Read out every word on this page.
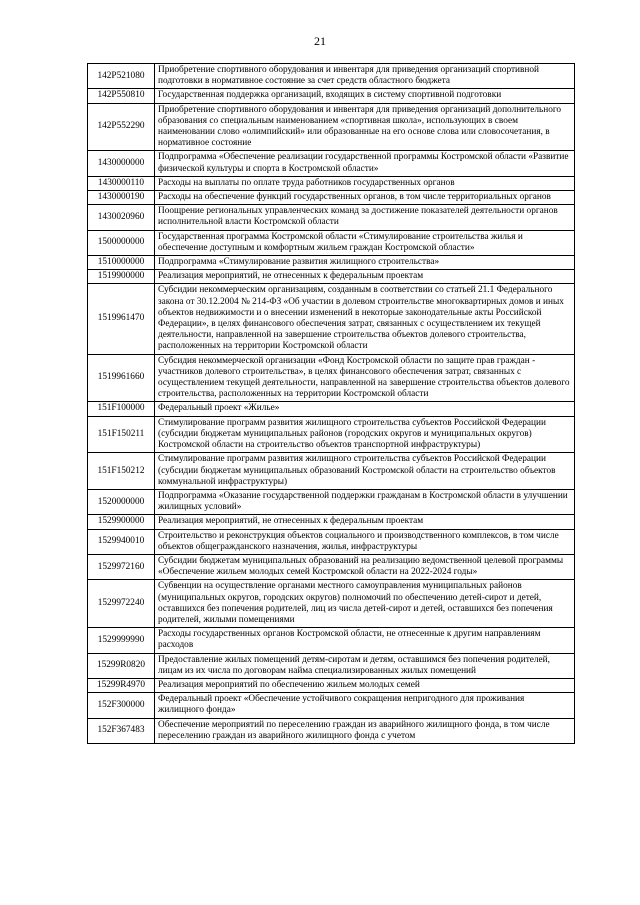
21
142P521080	Приобретение спортивного оборудования и инвентаря для приведения организаций спортивной подготовки в нормативное состояние за счет средств областного бюджета
142P550810	Государственная поддержка организаций, входящих в систему спортивной подготовки
142P552290	Приобретение спортивного оборудования и инвентаря для приведения организаций дополнительного образования со специальным наименованием «спортивная школа», использующих в своем наименовании слово «олимпийский» или образованные на его основе слова или словосочетания, в нормативное состояние
1430000000	Подпрограмма «Обеспечение реализации государственной программы Костромской области «Развитие физической культуры и спорта в Костромской области»
1430000110	Расходы на выплаты по оплате труда работников государственных органов
1430000190	Расходы на обеспечение функций государственных органов, в том числе территориальных органов
1430020960	Поощрение региональных управленческих команд за достижение показателей деятельности органов исполнительной власти Костромской области
1500000000	Государственная программа Костромской области «Стимулирование строительства жилья и обеспечение доступным и комфортным жильем граждан Костромской области»
1510000000	Подпрограмма «Стимулирование развития жилищного строительства»
1519900000	Реализация мероприятий, не отнесенных к федеральным проектам
1519961470	Субсидии некоммерческим организациям, созданным в соответствии со статьей 21.1 Федерального закона от 30.12.2004 № 214-ФЗ «Об участии в долевом строительстве многоквартирных домов и иных объектов недвижимости и о внесении изменений в некоторые законодательные акты Российской Федерации», в целях финансового обеспечения затрат, связанных с осуществлением их текущей деятельности, направленной на завершение строительства объектов долевого строительства, расположенных на территории Костромской области
1519961660	Субсидия некоммерческой организации «Фонд Костромской области по защите прав граждан - участников долевого строительства», в целях финансового обеспечения затрат, связанных с осуществлением текущей деятельности, направленной на завершение строительства объектов долевого строительства, расположенных на территории Костромской области
151F100000	Федеральный проект «Жилье»
151F150211	Стимулирование программ развития жилищного строительства субъектов Российской Федерации (субсидии бюджетам муниципальных районов (городских округов и муниципальных округов) Костромской области на строительство объектов транспортной инфраструктуры)
151F150212	Стимулирование программ развития жилищного строительства субъектов Российской Федерации (субсидии бюджетам муниципальных образований Костромской области на строительство объектов коммунальной инфраструктуры)
1520000000	Подпрограмма «Оказание государственной поддержки гражданам в Костромской области в улучшении жилищных условий»
1529900000	Реализация мероприятий, не отнесенных к федеральным проектам
1529940010	Строительство и реконструкция объектов социального и производственного комплексов, в том числе объектов общегражданского назначения, жилья, инфраструктуры
1529972160	Субсидии бюджетам муниципальных образований на реализацию ведомственной целевой программы «Обеспечение жильем молодых семей Костромской области на 2022-2024 годы»
1529972240	Субвенции на осуществление органами местного самоуправления муниципальных районов (муниципальных округов, городских округов) полномочий по обеспечению детей-сирот и детей, оставшихся без попечения родителей, лиц из числа детей-сирот и детей, оставшихся без попечения родителей, жилыми помещениями
1529999990	Расходы государственных органов Костромской области, не отнесенные к другим направлениям расходов
15299R0820	Предоставление жилых помещений детям-сиротам и детям, оставшимся без попечения родителей, лицам из их числа по договорам найма специализированных жилых помещений
15299R4970	Реализация мероприятий по обеспечению жильем молодых семей
152F300000	Федеральный проект «Обеспечение устойчивого сокращения непригодного для проживания жилищного фонда»
152F367483	Обеспечение мероприятий по переселению граждан из аварийного жилищного фонда, в том числе переселению граждан из аварийного жилищного фонда с учетом
